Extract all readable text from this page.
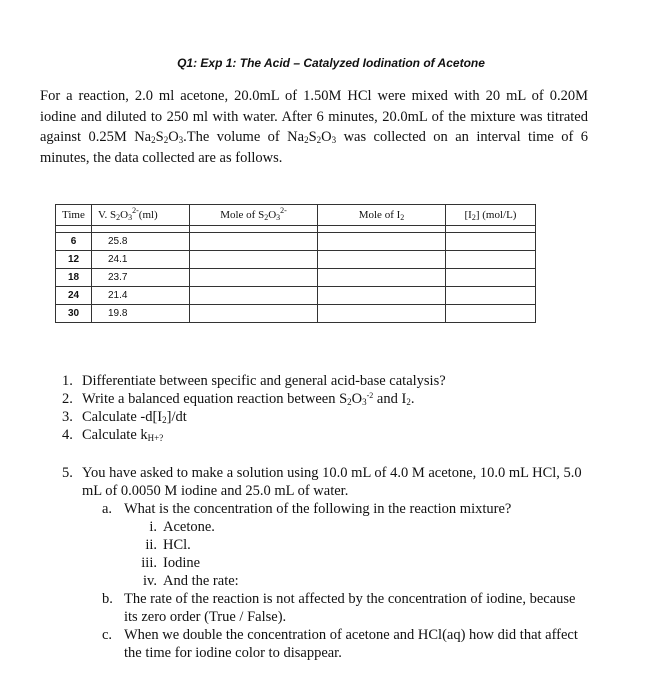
Q1: Exp 1: The Acid – Catalyzed Iodination of Acetone
For a reaction, 2.0 ml acetone, 20.0mL of 1.50M HCl were mixed with 20 mL of 0.20M iodine and diluted to 250 ml with water. After 6 minutes, 20.0mL of the mixture was titrated against 0.25M $Na_2S_2O_3.The$ volume of $Na_2S_2O_3$ was collected on an interval time of 6 minutes, the data collected are as follows.
Time	V. $S_2O_3^{2-}(ml)$	Mole of $S_2O_3^{2-}$	Mole of $I_2$	$[I_2]$ (mol/L)

6	25.8			
12	24.1			
18	23.7			
24	21.4			
30	19.8			
1. Differentiate between specific and general acid-base catalysis?
2. Write a balanced equation reaction between $S_2O_3^{-2}$ and $I_2$.
3. Calculate $-d[I_2]/dt$
4. Calculate $k_{H+?}$
5. You have asked to make a solution using 10.0 mL of 4.0 M acetone, 10.0 mL HCl, 5.0 mL of 0.0050 M iodine and 25.0 mL of water.
a. What is the concentration of the following in the reaction mixture?
i. Acetone.
ii. HCl.
iii. Iodine
iv. And the rate:
b. The rate of the reaction is not affected by the concentration of iodine, because its zero order (True / False).
c. When we double the concentration of acetone and HCl(aq) how did that affect the time for iodine color to disappear.
